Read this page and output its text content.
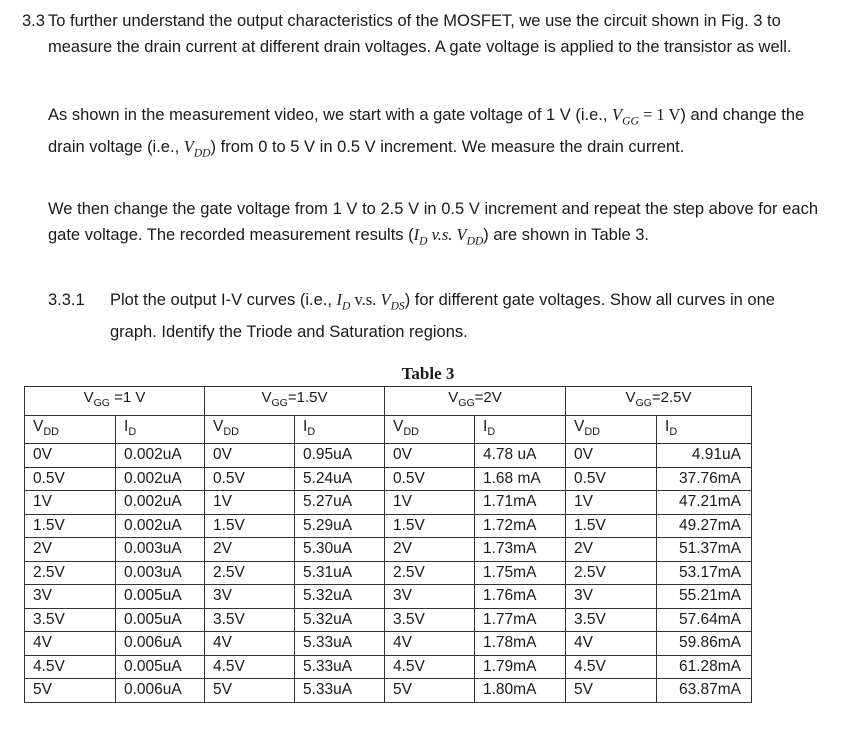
3.3 To further understand the output characteristics of the MOSFET, we use the circuit shown in Fig. 3 to measure the drain current at different drain voltages. A gate voltage is applied to the transistor as well.

As shown in the measurement video, we start with a gate voltage of 1 V (i.e., $V_{GG} = 1$ V) and change the drain voltage (i.e., $V_{DD}$) from 0 to 5 V in 0.5 V increment. We measure the drain current.

We then change the gate voltage from 1 V to 2.5 V in 0.5 V increment and repeat the step above for each gate voltage. The recorded measurement results ($I_D$ v.s. $V_{DD}$) are shown in Table 3.

3.3.1 Plot the output I-V curves (i.e., $I_D$ v.s. $V_{DS}$) for different gate voltages. Show all curves in one graph. Identify the Triode and Saturation regions.
Table 3
$V_{GG} =1$ V		$V_{GG}=1.5V$		$V_{GG}=2V$		$V_{GG}=2.5V$	
$V_{DD}$	$I_D$	$V_{DD}$	$I_D$	$V_{DD}$	$I_D$	$V_{DD}$	$I_D$
0V	0.002uA	0V	0.95uA	0V	4.78 uA	0V	4.91uA
0.5V	0.002uA	0.5V	5.24uA	0.5V	1.68 mA	0.5V	37.76mA
1V	0.002uA	1V	5.27uA	1V	1.71mA	1V	47.21mA
1.5V	0.002uA	1.5V	5.29uA	1.5V	1.72mA	1.5V	49.27mA
2V	0.003uA	2V	5.30uA	2V	1.73mA	2V	51.37mA
2.5V	0.003uA	2.5V	5.31uA	2.5V	1.75mA	2.5V	53.17mA
3V	0.005uA	3V	5.32uA	3V	1.76mA	3V	55.21mA
3.5V	0.005uA	3.5V	5.32uA	3.5V	1.77mA	3.5V	57.64mA
4V	0.006uA	4V	5.33uA	4V	1.78mA	4V	59.86mA
4.5V	0.005uA	4.5V	5.33uA	4.5V	1.79mA	4.5V	61.28mA
5V	0.006uA	5V	5.33uA	5V	1.80mA	5V	63.87mA
